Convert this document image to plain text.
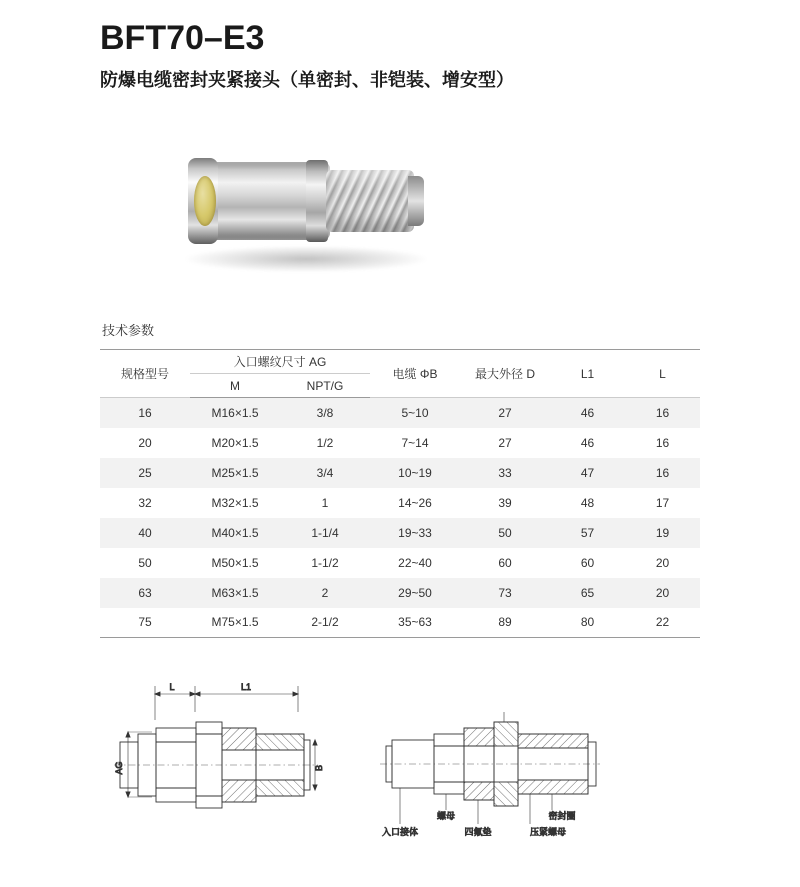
BFT70–E3
防爆电缆密封夹紧接头（单密封、非铠装、增安型）
技术参数
规格型号	入口螺纹尺寸 AG		电缆 ΦB	最大外径 D	L1	L
	M	NPT/G				
16	M16×1.5	3/8	5~10	27	46	16
20	M20×1.5	1/2	7~14	27	46	16
25	M25×1.5	3/4	10~19	33	47	16
32	M32×1.5	1	14~26	39	48	17
40	M40×1.5	1-1/4	19~33	50	57	19
50	M50×1.5	1-1/2	22~40	60	60	20
63	M63×1.5	2	29~50	73	65	20
75	M75×1.5	2-1/2	35~63	89	80	22
L	L1
AG	B
螺母	密封圈
入口接体	四氟垫	压紧螺母
